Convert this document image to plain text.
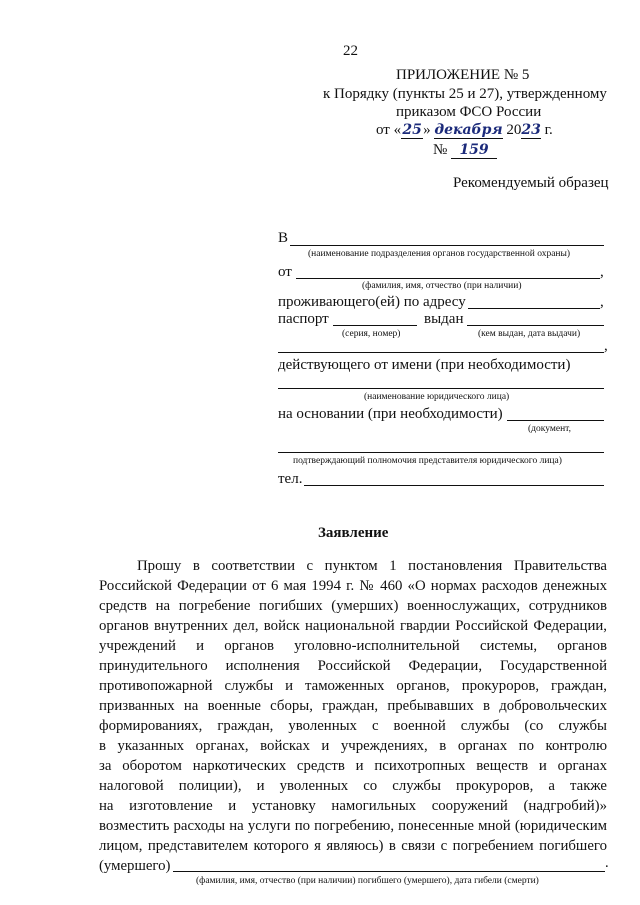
22
ПРИЛОЖЕНИЕ № 5
к Порядку (пункты 25 и 27), утвержденному
приказом ФСО России
от «25» декабря 2023 г.
№ 159
Рекомендуемый образец
В
(наименование подразделения органов государственной охраны)
от	,
(фамилия, имя, отчество (при наличии)
проживающего(ей) по адресу	,
паспорт	выдан
(серия, номер)	(кем выдан, дата выдачи)
,
действующего от имени (при необходимости)
(наименование юридического лица)
на основании (при необходимости)
(документ,
подтверждающий полномочия представителя юридического лица)
тел.
Заявление
Прошу в соответствии с пунктом 1 постановления Правительства
Российской Федерации от 6 мая 1994 г. № 460 «О нормах расходов денежных
средств на погребение погибших (умерших) военнослужащих, сотрудников
органов внутренних дел, войск национальной гвардии Российской Федерации,
учреждений и органов уголовно-исполнительной системы, органов
принудительного исполнения Российской Федерации, Государственной
противопожарной службы и таможенных органов, прокуроров, граждан,
призванных на военные сборы, граждан, пребывавших в добровольческих
формированиях, граждан, уволенных с военной службы (со службы
в указанных органах, войсках и учреждениях, в органах по контролю
за оборотом наркотических средств и психотропных веществ и органах
налоговой полиции), и уволенных со службы прокуроров, а также
на изготовление и установку намогильных сооружений (надгробий)»
возместить расходы на услуги по погребению, понесенные мной (юридическим
лицом, представителем которого я являюсь) в связи с погребением погибшего
(умершего)	.
(фамилия, имя, отчество (при наличии) погибшего (умершего), дата гибели (смерти)
